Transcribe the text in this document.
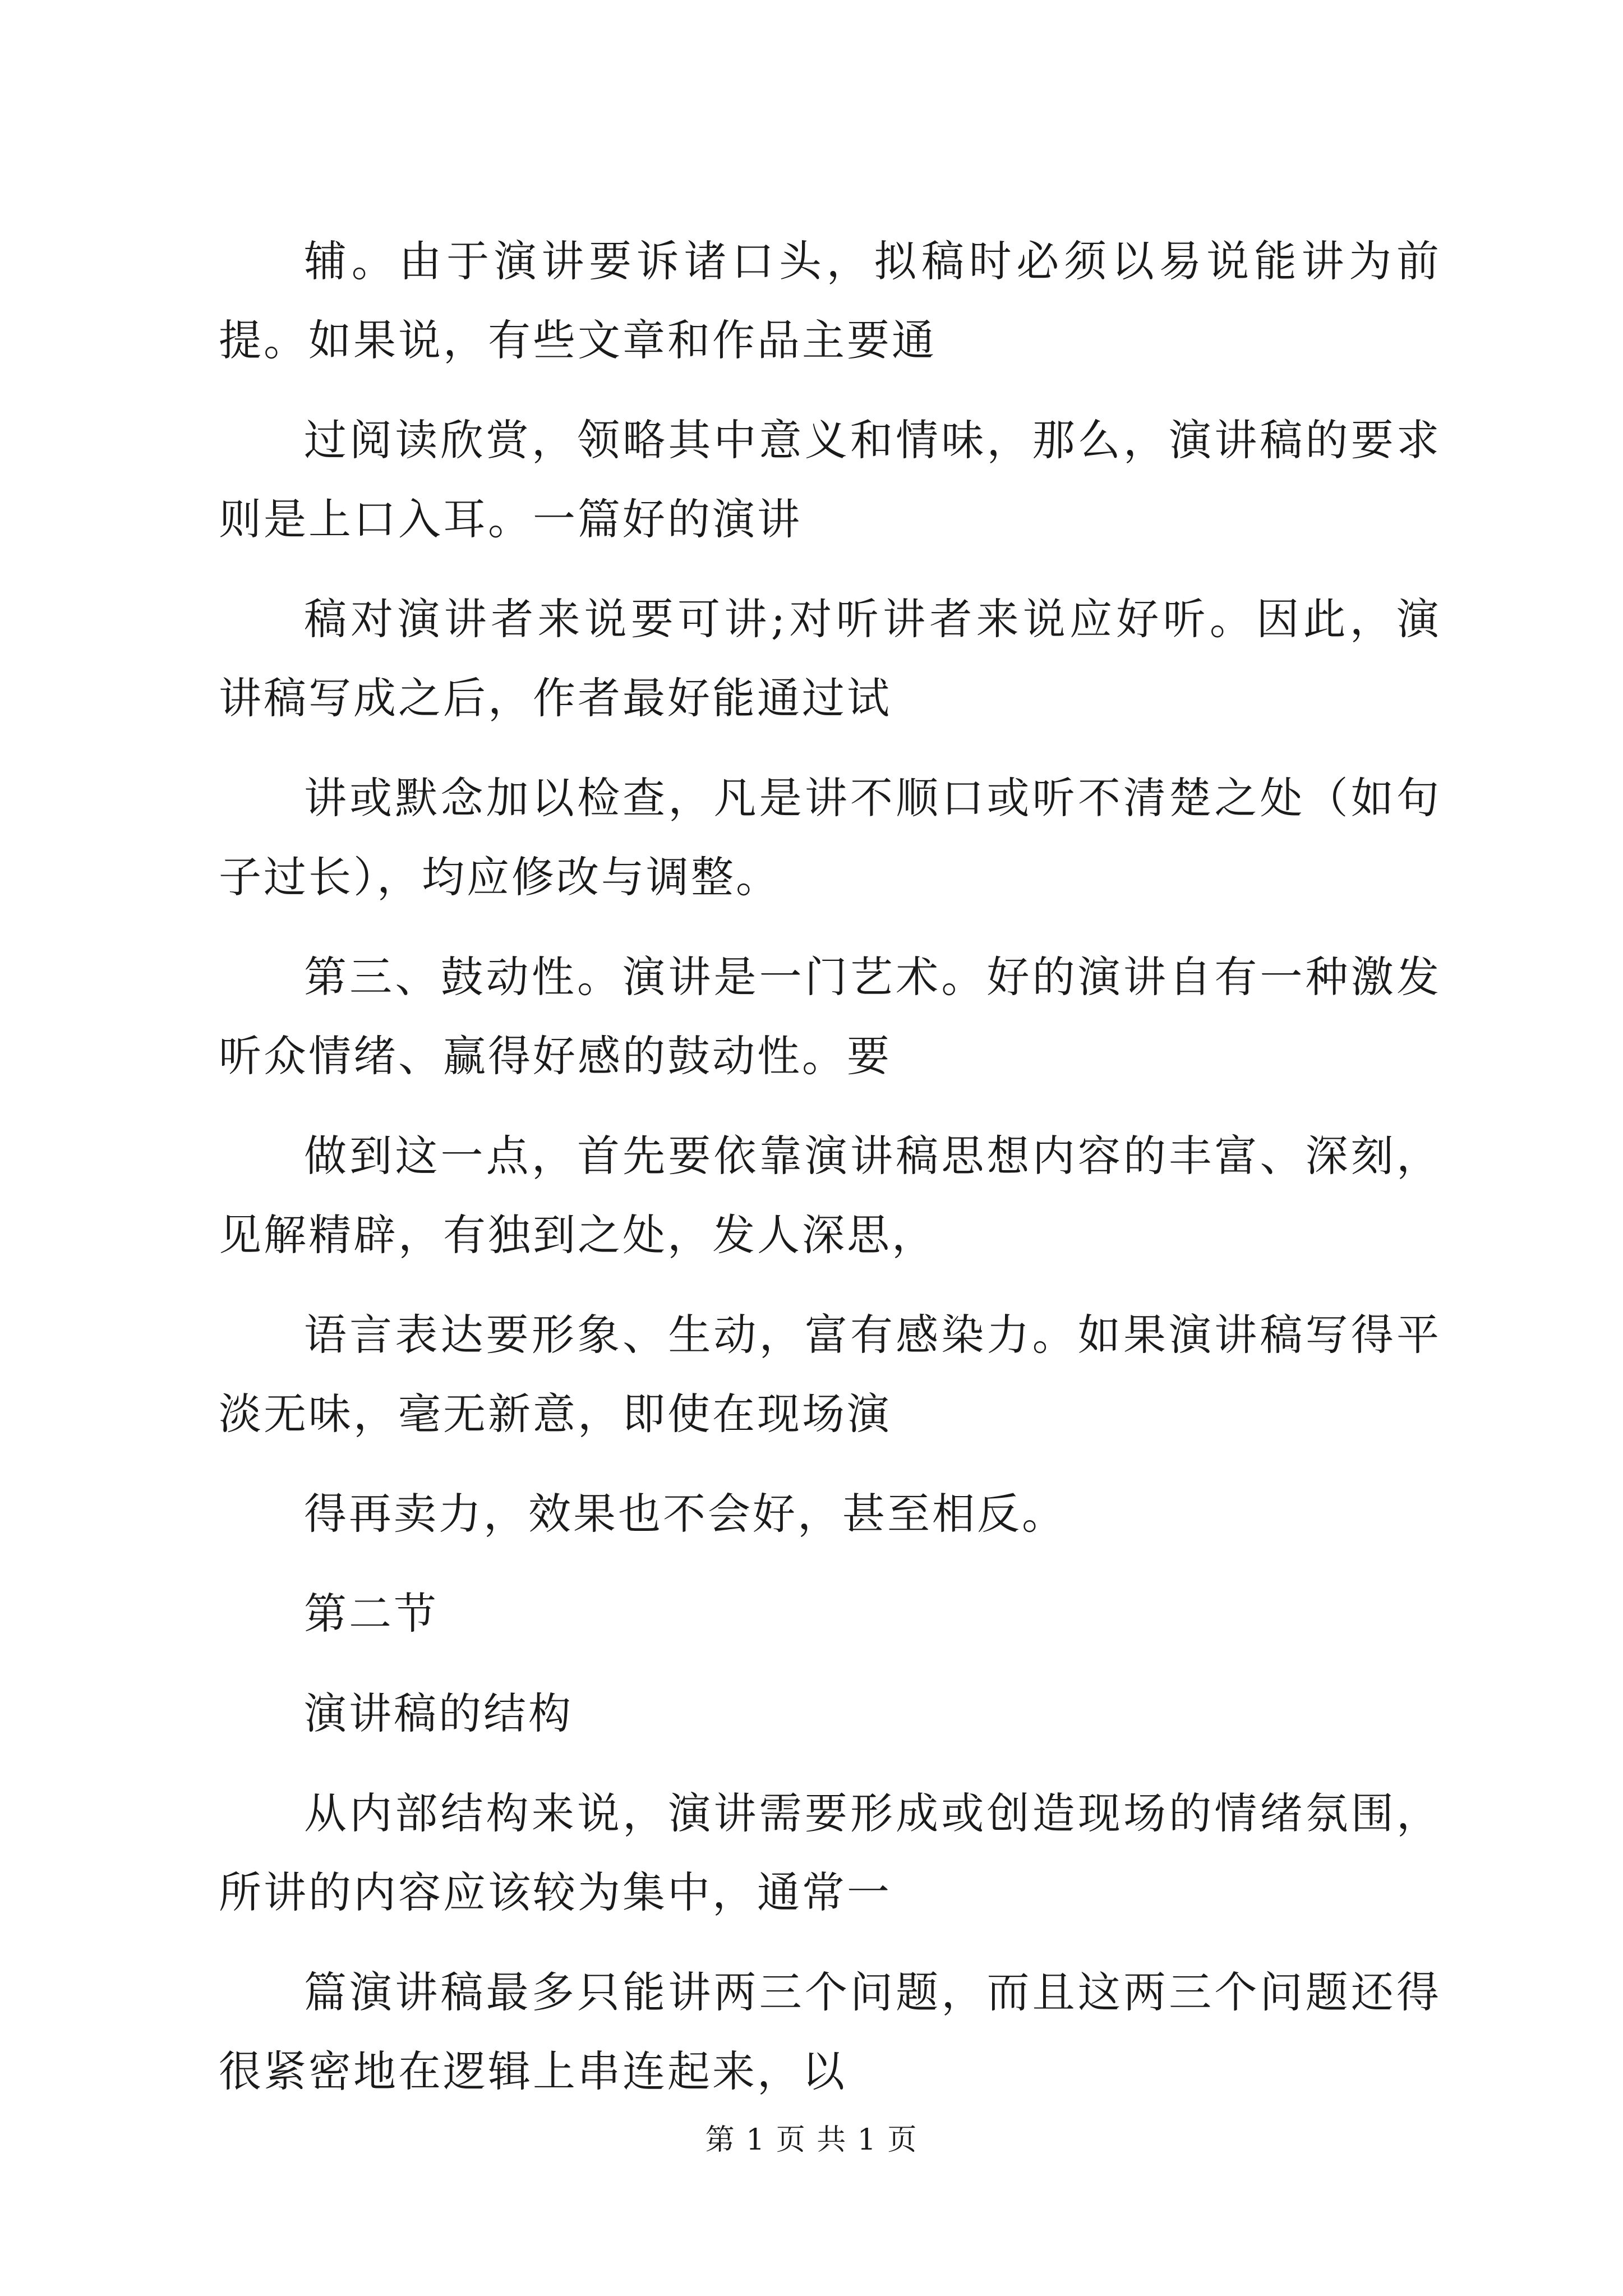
辅。由于演讲要诉诸口头，拟稿时必须以易说能讲为前提。如果说，有些文章和作品主要通

过阅读欣赏，领略其中意义和情味，那么，演讲稿的要求则是上口入耳。一篇好的演讲

稿对演讲者来说要可讲;对听讲者来说应好听。因此，演讲稿写成之后，作者最好能通过试

讲或默念加以检查，凡是讲不顺口或听不清楚之处（如句子过长），均应修改与调整。

第三、鼓动性。演讲是一门艺术。好的演讲自有一种激发听众情绪、赢得好感的鼓动性。要

做到这一点，首先要依靠演讲稿思想内容的丰富、深刻，见解精辟，有独到之处，发人深思，

语言表达要形象、生动，富有感染力。如果演讲稿写得平淡无味，毫无新意，即使在现场演

得再卖力，效果也不会好，甚至相反。

第二节

演讲稿的结构

从内部结构来说，演讲需要形成或创造现场的情绪氛围，所讲的内容应该较为集中，通常一

篇演讲稿最多只能讲两三个问题，而且这两三个问题还得很紧密地在逻辑上串连起来，以

第 1 页 共 1 页
